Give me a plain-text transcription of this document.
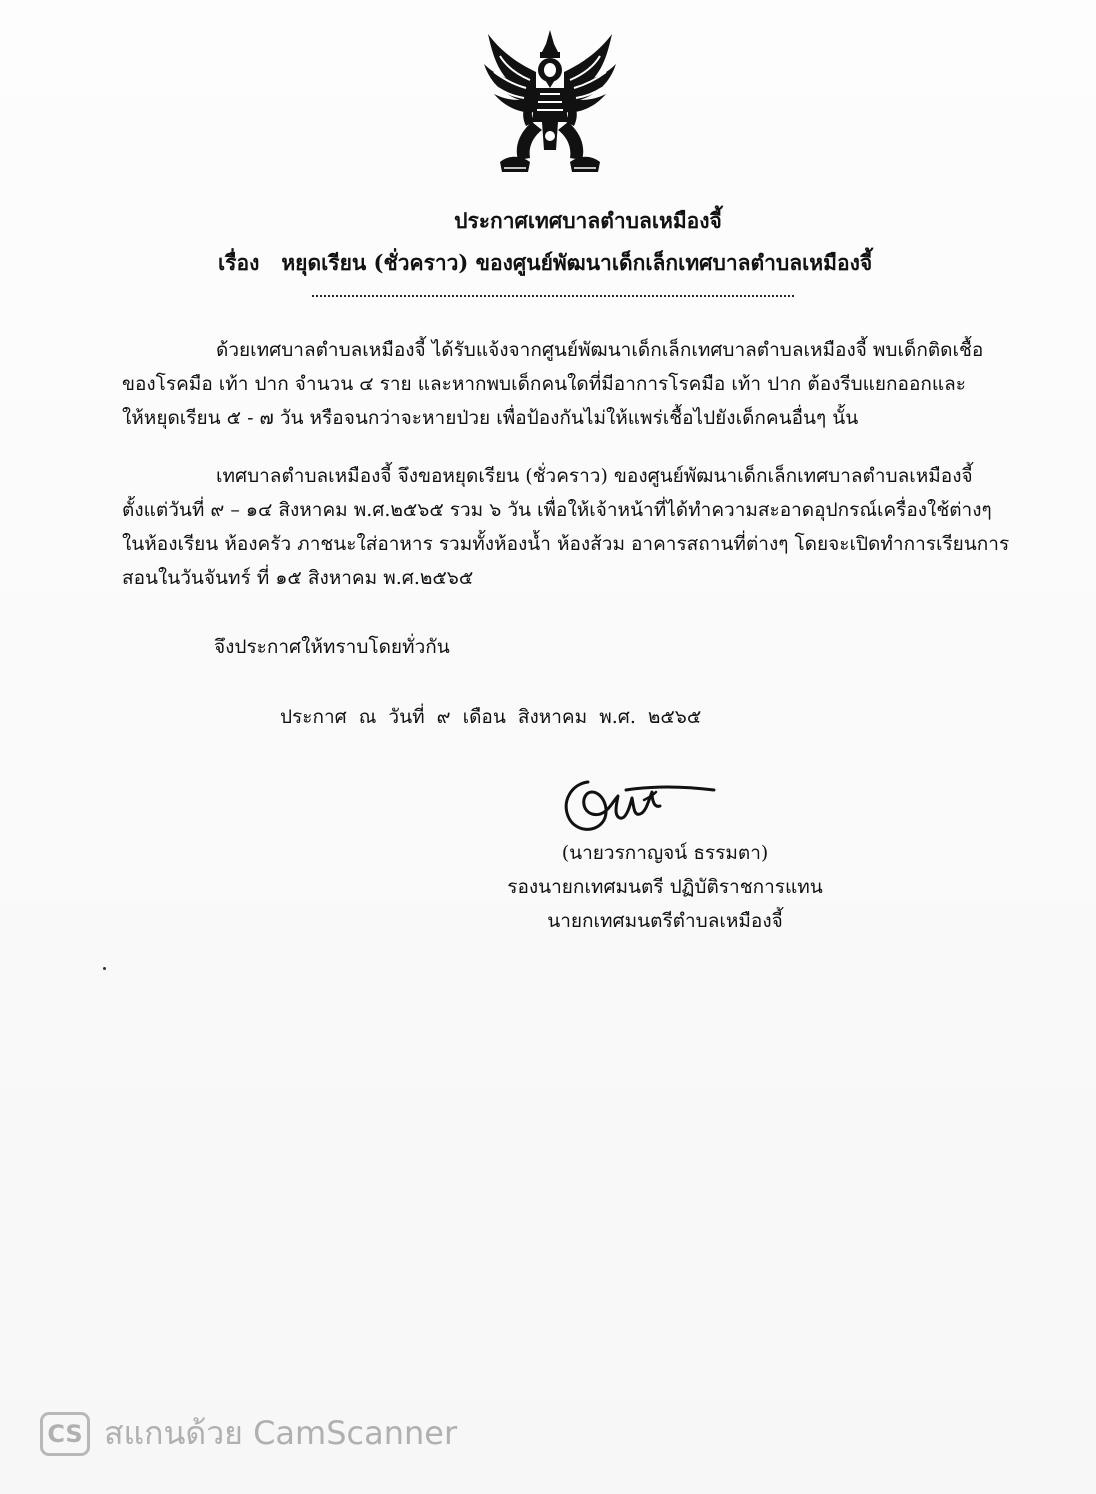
ประกาศเทศบาลตำบลเหมืองจี้
เรื่อง หยุดเรียน (ชั่วคราว) ของศูนย์พัฒนาเด็กเล็กเทศบาลตำบลเหมืองจี้
ด้วยเทศบาลตำบลเหมืองจี้ ได้รับแจ้งจากศูนย์พัฒนาเด็กเล็กเทศบาลตำบลเหมืองจี้ พบเด็กติดเชื้อ
ของโรคมือ เท้า ปาก จำนวน ๔ ราย และหากพบเด็กคนใดที่มีอาการโรคมือ เท้า ปาก ต้องรีบแยกออกและ
ให้หยุดเรียน ๕ - ๗ วัน หรือจนกว่าจะหายป่วย เพื่อป้องกันไม่ให้แพร่เชื้อไปยังเด็กคนอื่นๆ นั้น
เทศบาลตำบลเหมืองจี้ จึงขอหยุดเรียน (ชั่วคราว) ของศูนย์พัฒนาเด็กเล็กเทศบาลตำบลเหมืองจี้
ตั้งแต่วันที่ ๙ – ๑๔ สิงหาคม พ.ศ.๒๕๖๕ รวม ๖ วัน เพื่อให้เจ้าหน้าที่ได้ทำความสะอาดอุปกรณ์เครื่องใช้ต่างๆ
ในห้องเรียน ห้องครัว ภาชนะใส่อาหาร รวมทั้งห้องน้ำ ห้องส้วม อาคารสถานที่ต่างๆ โดยจะเปิดทำการเรียนการ
สอนในวันจันทร์ ที่ ๑๕ สิงหาคม พ.ศ.๒๕๖๕
จึงประกาศให้ทราบโดยทั่วกัน
ประกาศ ณ วันที่ ๙ เดือน สิงหาคม พ.ศ. ๒๕๖๕
(นายวรกาญจน์ ธรรมตา)
รองนายกเทศมนตรี ปฏิบัติราชการแทน
นายกเทศมนตรีตำบลเหมืองจี้
CS สแกนด้วย CamScanner
